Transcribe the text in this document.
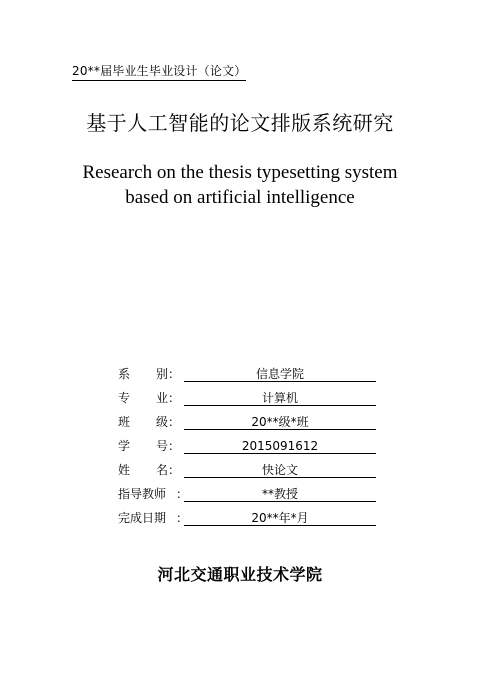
20**届毕业生毕业设计（论文）
基于人工智能的论文排版系统研究
Research on the thesis typesetting system
based on artificial intelligence
系 别 ：	信息学院
专 业 ：	计算机
班 级 ：	20**级*班
学 号 ：	2015091612
姓 名 ：	快论文
指导教师 ：	**教授
完成日期 ：	20**年*月
河北交通职业技术学院
